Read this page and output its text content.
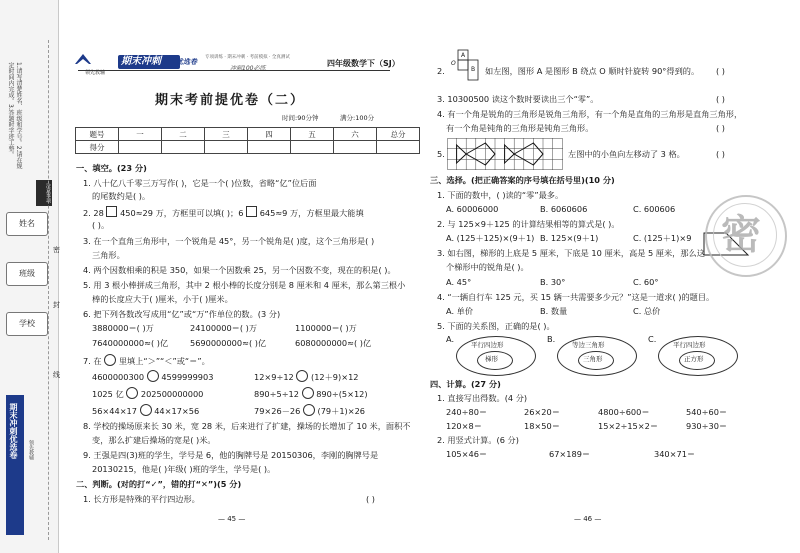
1.请写清楚姓名、班级和学号。2.请在规定时间内完成。3.答题时字迹工整。
注意事项
姓名
班级
学校
密
封
线
期末冲刺优选卷 领先教辅
期末冲刺 优选卷
领先教辅
专项训练 · 期末冲刺 · 考前模拟 · 全真测试
冲刺100必练
四年级数学下（SJ）
期末考前提优卷（二）
时间:90分钟	满分:100分
题号	一	二	三	四	五	六	总分
得分							
一、填空。(23 分)
1. 八十亿八千零三万写作( )，它是一个( )位数，省略“亿”位后面
的尾数约是( )。
2. 28 450≈29 万，方框里可以填( )；6 645≈9 万，方框里最大能填
( )。
3. 在一个直角三角形中，一个锐角是 45°，另一个锐角是( )度，这个三角形是( )
三角形。
4. 两个因数相乘的积是 350，如果一个因数乘 25，另一个因数不变，现在的积是( )。
5. 用 3 根小棒拼成三角形，其中 2 根小棒的长度分别是 8 厘米和 4 厘米，那么第三根小
棒的长度应大于( )厘米，小于( )厘米。
6. 把下列各数改写成用“亿”或“万”作单位的数。(3 分)
3880000＝( )万	24100000＝( )万	1100000＝( )万
7640000000≈( )亿	5690000000≈( )亿	6080000000≈( )亿
7. 在 里填上“＞”“＜”或“＝”。
4600000300 4599999903	12×9÷12 (12＋9)×12
1025 亿 202500000000	890÷5÷12 890÷(5×12)
56×44×17 44×17×56	79×26－26 (79＋1)×26
8. 学校的操场原来长 30 米，宽 28 米，后来进行了扩建，操场的长增加了 10 米，面积不
变，那么扩建后操场的宽是( )米。
9. 王强是四(3)班的学生，学号是 6，他的胸牌号是 20150306，李刚的胸牌号是
20130215，他是( )年级( )班的学生，学号是( )。
二、判断。(对的打“✓”，错的打“✕”)(5 分)
1. 长方形是特殊的平行四边形。	( )
— 45 —
2.
A
O
B 如左图，图形 A 是图形 B 绕点 O 顺时针旋转 90°得到的。 ( )
3. 10300500 读这个数时要读出三个“零”。	( )
4. 有一个角是锐角的三角形是锐角三角形，有一个角是直角的三角形是直角三角形，
有一个角是钝角的三角形是钝角三角形。	( )
5.	左图中的小鱼向左移动了 3 格。	( )
三、选择。(把正确答案的序号填在括号里)(10 分)
1. 下面的数中，( )读的“零”最多。
A. 60006000	B. 6060606	C. 600606
2. 与 125×9＋125 的计算结果相等的算式是( )。
A. (125＋125)×(9＋1) B. 125×(9＋1)	C. (125＋1)×9
3. 如右图，梯形的上底是 5 厘米，下底是 10 厘米，高是 5 厘米，那么这
个梯形中的锐角是( )。
A. 45°	B. 30°	C. 60°
4. “一辆自行车 125 元，买 15 辆一共需要多少元？”这是一道求( )的题目。
A. 单价	B. 数量	C. 总价
5. 下面的关系图，正确的是( )。
A.
平行四边形
梯形
B.
等边三角形
三角形
C.
平行四边形
正方形
密
四、计算。(27 分)
1. 直接写出得数。(4 分)
240÷80＝	26×20＝	4800÷600＝	540÷60＝
120×8＝	18×50＝	15×2÷15×2＝	930÷30＝
2. 用竖式计算。(6 分)
105×46＝	67×189＝	340×71＝
— 46 —
